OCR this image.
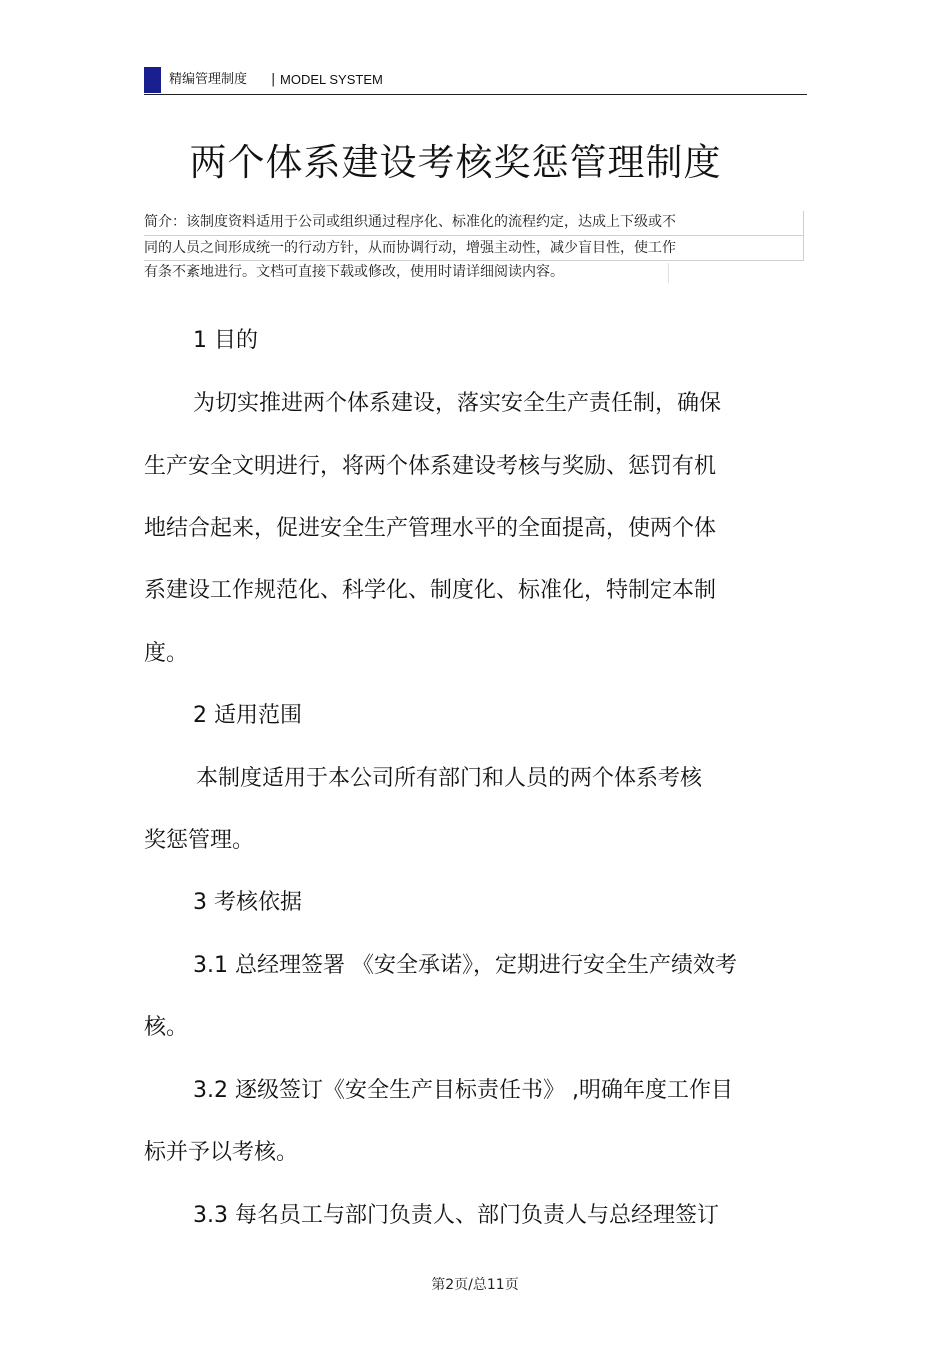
精编管理制度 | MODEL SYSTEM
两个体系建设考核奖惩管理制度
简介：该制度资料适用于公司或组织通过程序化、标准化的流程约定，达成上下级或不
同的人员之间形成统一的行动方针，从而协调行动，增强主动性，减少盲目性，使工作
有条不紊地进行。文档可直接下载或修改，使用时请详细阅读内容。
1 目的
为切实推进两个体系建设，落实安全生产责任制，确保
生产安全文明进行，将两个体系建设考核与奖励、惩罚有机
地结合起来，促进安全生产管理水平的全面提高，使两个体
系建设工作规范化、科学化、制度化、标准化，特制定本制
度。
2 适用范围
本制度适用于本公司所有部门和人员的两个体系考核
奖惩管理。
3 考核依据
3.1 总经理签署 《安全承诺》，定期进行安全生产绩效考
核。
3.2 逐级签订《安全生产目标责任书》 ,明确年度工作目
标并予以考核。
3.3 每名员工与部门负责人、部门负责人与总经理签订
第2页/总11页
